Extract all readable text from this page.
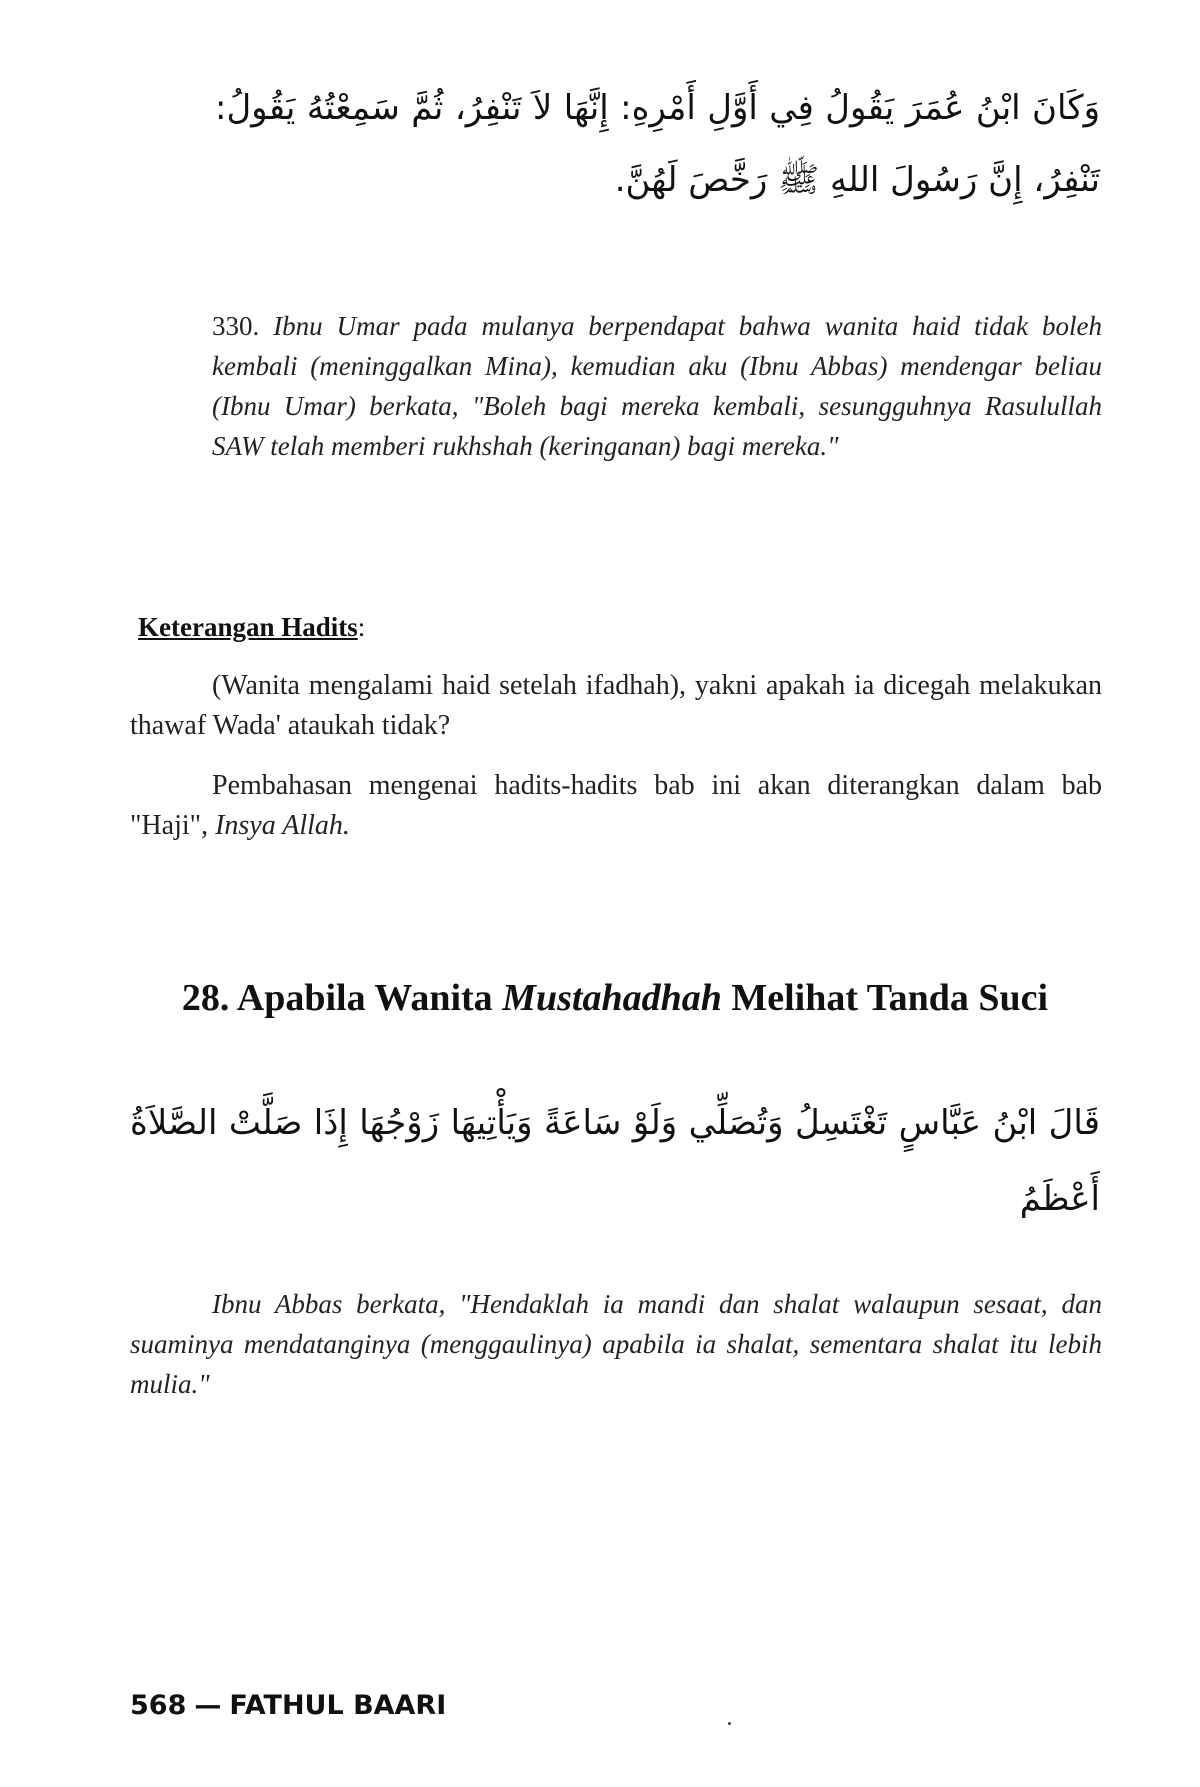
وَكَانَ ابْنُ عُمَرَ يَقُولُ فِي أَوَّلِ أَمْرِهِ: إِنَّهَا لاَ تَنْفِرُ، ثُمَّ سَمِعْتُهُ يَقُولُ: تَنْفِرُ، إِنَّ رَسُولَ اللهِ ﷺ رَخَّصَ لَهُنَّ.
330. Ibnu Umar pada mulanya berpendapat bahwa wanita haid tidak boleh kembali (meninggalkan Mina), kemudian aku (Ibnu Abbas) mendengar beliau (Ibnu Umar) berkata, "Boleh bagi mereka kembali, sesungguhnya Rasulullah SAW telah memberi rukhshah (keringanan) bagi mereka."
Keterangan Hadits:
(Wanita mengalami haid setelah ifadhah), yakni apakah ia dicegah melakukan thawaf Wada' ataukah tidak?
Pembahasan mengenai hadits-hadits bab ini akan diterangkan dalam bab "Haji", Insya Allah.
28. Apabila Wanita Mustahadhah Melihat Tanda Suci
قَالَ ابْنُ عَبَّاسٍ تَغْتَسِلُ وَتُصَلِّي وَلَوْ سَاعَةً وَيَأْتِيهَا زَوْجُهَا إِذَا صَلَّتْ الصَّلاَةُ أَعْظَمُ
Ibnu Abbas berkata, "Hendaklah ia mandi dan shalat walaupun sesaat, dan suaminya mendatanginya (menggaulinya) apabila ia shalat, sementara shalat itu lebih mulia."
568 — FATHUL BAARI
